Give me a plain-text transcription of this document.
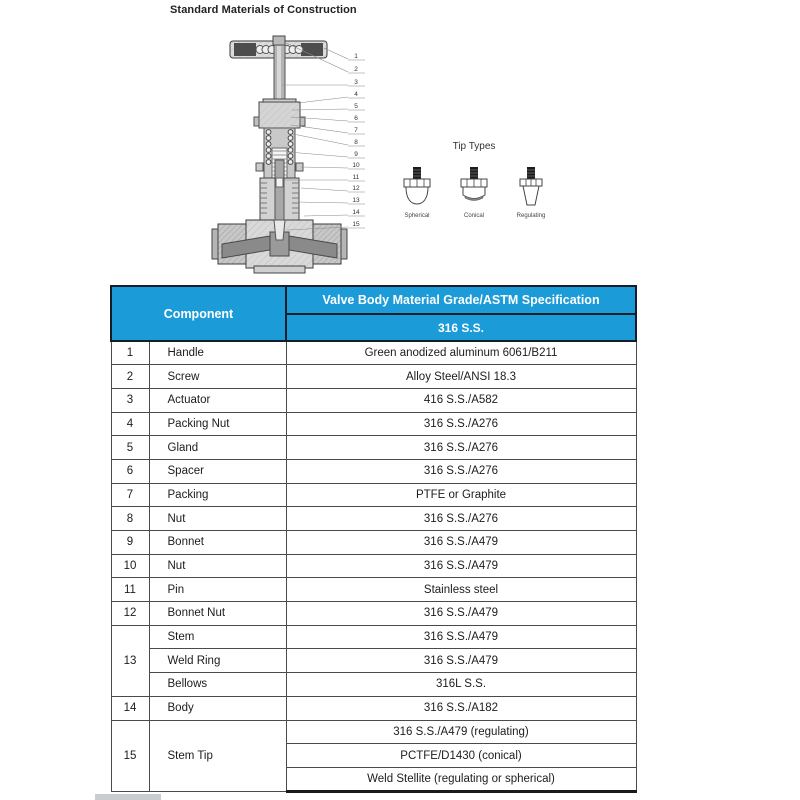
Standard Materials of Construction
1
2
3
4
5
6
7
8
9
10
11
12
13
14
15
Tip Types
Spherical	Conical	Regulating
Component		Valve Body Material Grade/ASTM Specification
		316 S.S.
1	Handle	Green anodized aluminum 6061/B211
2	Screw	Alloy Steel/ANSI 18.3
3	Actuator	416 S.S./A582
4	Packing Nut	316 S.S./A276
5	Gland	316 S.S./A276
6	Spacer	316 S.S./A276
7	Packing	PTFE or Graphite
8	Nut	316 S.S./A276
9	Bonnet	316 S.S./A479
10	Nut	316 S.S./A479
11	Pin	Stainless steel
12	Bonnet Nut	316 S.S./A479
13	Stem	316 S.S./A479
	Weld Ring	316 S.S./A479
	Bellows	316L S.S.
14	Body	316 S.S./A182
15	Stem Tip	316 S.S./A479 (regulating)
		PCTFE/D1430 (conical)
		Weld Stellite (regulating or spherical)
